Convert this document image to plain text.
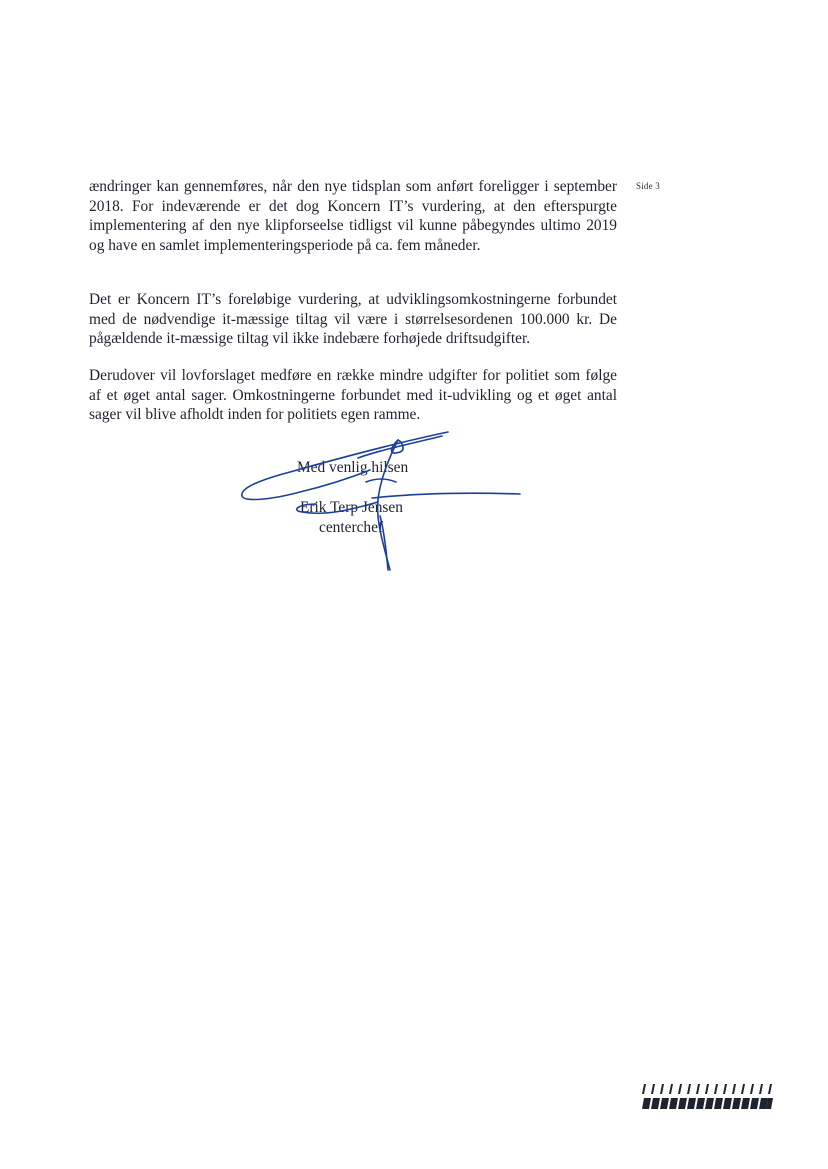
Side 3

ændringer kan gennemføres, når den nye tidsplan som anført foreligger i september 2018. For indeværende er det dog Koncern IT’s vurdering, at den efterspurgte implementering af den nye klipforseelse tidligst vil kunne påbegyndes ultimo 2019 og have en samlet implementeringsperiode på ca. fem måneder.

Det er Koncern IT’s foreløbige vurdering, at udviklingsomkostningerne forbundet med de nødvendige it-mæssige tiltag vil være i størrelsesordenen 100.000 kr. De pågældende it-mæssige tiltag vil ikke indebære forhøjede driftsudgifter.

Derudover vil lovforslaget medføre en række mindre udgifter for politiet som følge af et øget antal sager. Omkostningerne forbundet med it-udvikling og et øget antal sager vil blive afholdt inden for politiets egen ramme.

Med venlig hilsen
Erik Terp Jensen
centerchef
